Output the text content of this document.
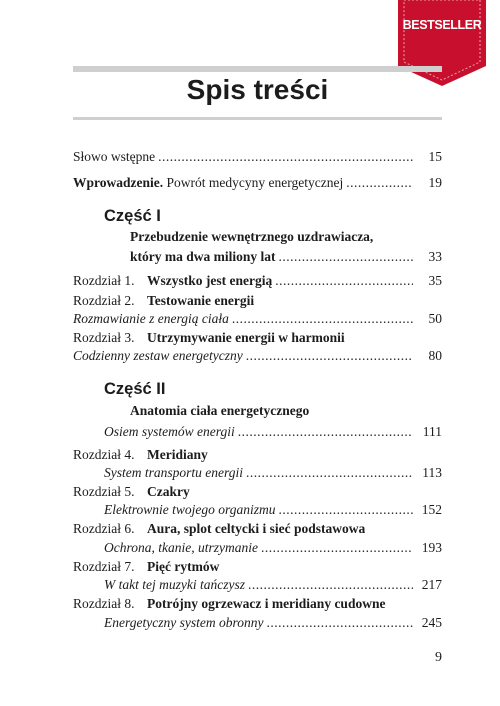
BESTSELLER
Spis treści
Słowo wstępne .....	15
Wprowadzenie. Powrót medycyny energetycznej .....	19
Część I
Przebudzenie wewnętrznego uzdrawiacza,
który ma dwa miliony lat .....	33
Rozdział 1. Wszystko jest energią .....	35
Rozdział 2. Testowanie energii
Rozmawianie z energią ciała .....	50
Rozdział 3. Utrzymywanie energii w harmonii
Codzienny zestaw energetyczny .....	80
Część II
Anatomia ciała energetycznego
Osiem systemów energii .....	111
Rozdział 4. Meridiany
System transportu energii .....	113
Rozdział 5. Czakry
Elektrownie twojego organizmu .....	152
Rozdział 6. Aura, splot celtycki i sieć podstawowa
Ochrona, tkanie, utrzymanie .....	193
Rozdział 7. Pięć rytmów
W takt tej muzyki tańczysz .....	217
Rozdział 8. Potrójny ogrzewacz i meridiany cudowne
Energetyczny system obronny .....	245
9
